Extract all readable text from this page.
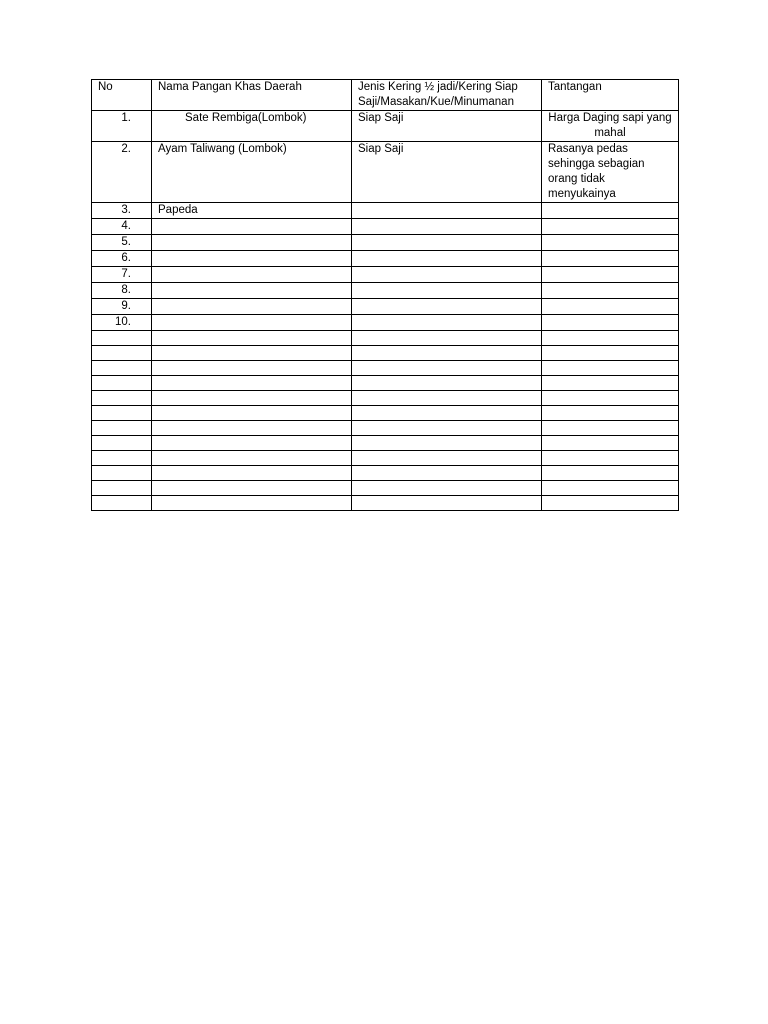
No	Nama Pangan Khas Daerah	Jenis Kering ½ jadi/Kering Siap Saji/Masakan/Kue/Minumanan	Tantangan
1.	Sate Rembiga(Lombok)	Siap Saji	Harga Daging sapi yang mahal
2.	Ayam Taliwang (Lombok)	Siap Saji	Rasanya pedas sehingga sebagian orang tidak menyukainya
3.	Papeda		
4.			
5.			
6.			
7.			
8.			
9.			
10.			
